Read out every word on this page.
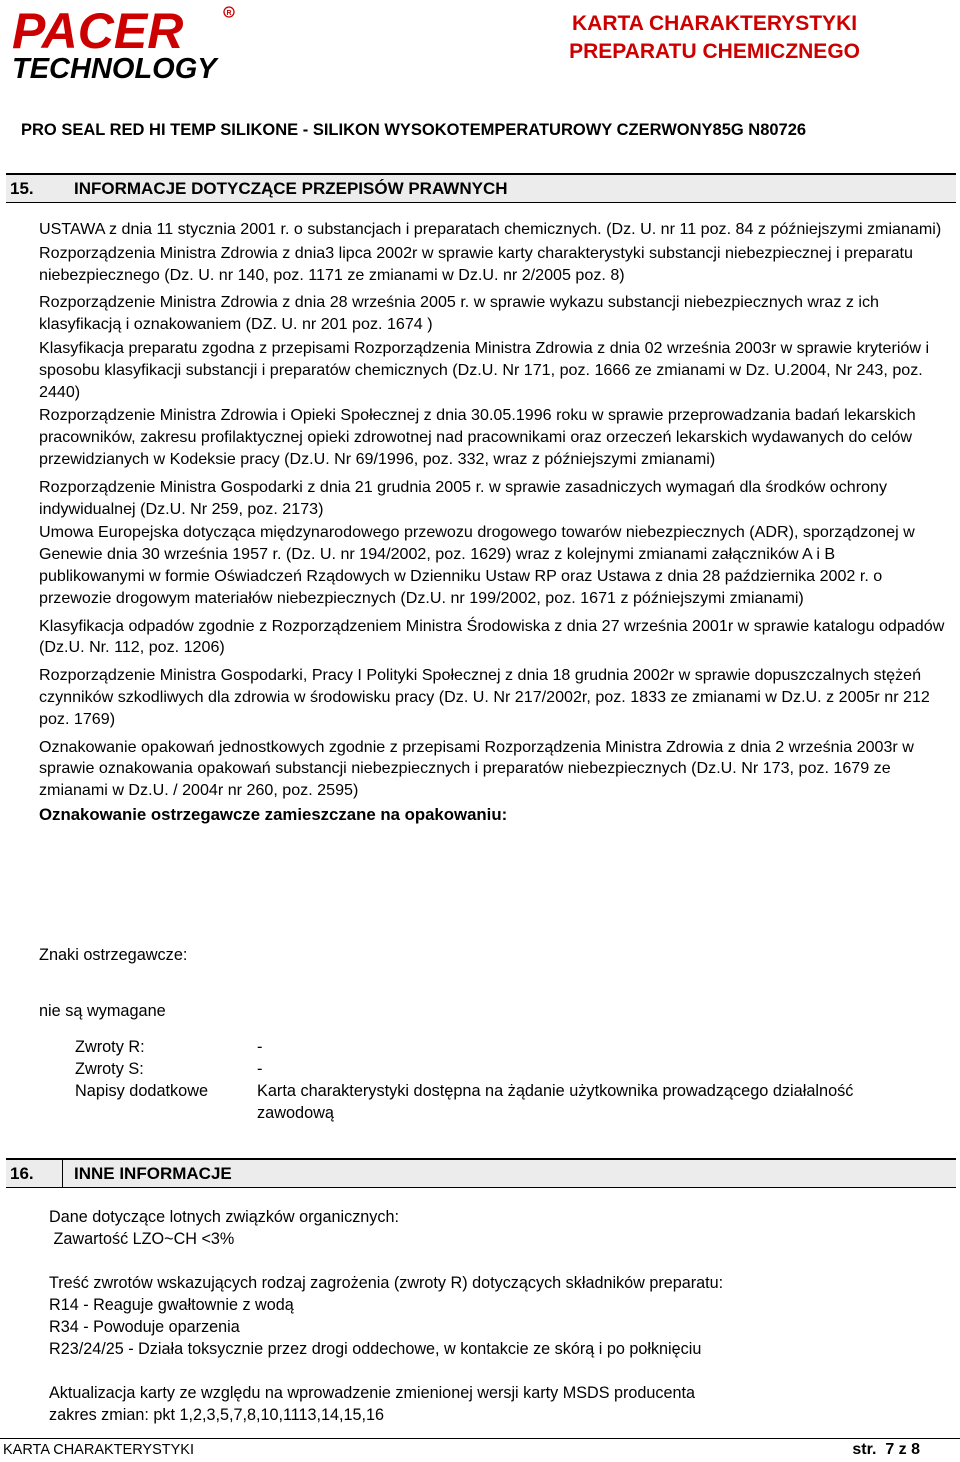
PACER	R
TECHNOLOGY
KARTA CHARAKTERYSTYKI
PREPARATU CHEMICZNEGO
PRO SEAL RED HI TEMP SILIKONE - SILIKON WYSOKOTEMPERATUROWY CZERWONY85G N80726
15. INFORMACJE DOTYCZĄCE PRZEPISÓW PRAWNYCH

USTAWA z dnia 11 stycznia 2001 r. o substancjach i preparatach chemicznych. (Dz. U. nr 11 poz. 84 z późniejszymi zmianami)

Rozporządzenia Ministra Zdrowia z dnia3 lipca 2002r w sprawie karty charakterystyki substancji niebezpiecznej i preparatu niebezpiecznego (Dz. U. nr 140, poz. 1171 ze zmianami w Dz.U. nr 2/2005 poz. 8)

Rozporządzenie Ministra Zdrowia z dnia 28 września 2005 r. w sprawie wykazu substancji niebezpiecznych wraz z ich klasyfikacją i oznakowaniem (DZ. U. nr 201 poz. 1674 )

Klasyfikacja preparatu zgodna z przepisami Rozporządzenia Ministra Zdrowia z dnia 02 września 2003r w sprawie kryteriów i sposobu klasyfikacji substancji i preparatów chemicznych (Dz.U. Nr 171, poz. 1666 ze zmianami w Dz. U.2004, Nr 243, poz. 2440)

Rozporządzenie Ministra Zdrowia i Opieki Społecznej z dnia 30.05.1996 roku w sprawie przeprowadzania badań lekarskich pracowników, zakresu profilaktycznej opieki zdrowotnej nad pracownikami oraz orzeczeń lekarskich wydawanych do celów przewidzianych w Kodeksie pracy (Dz.U. Nr 69/1996, poz. 332, wraz z późniejszymi zmianami)

Rozporządzenie Ministra Gospodarki z dnia 21 grudnia 2005 r. w sprawie zasadniczych wymagań dla środków ochrony indywidualnej (Dz.U. Nr 259, poz. 2173)

Umowa Europejska dotycząca międzynarodowego przewozu drogowego towarów niebezpiecznych (ADR), sporządzonej w Genewie dnia 30 września 1957 r. (Dz. U. nr 194/2002, poz. 1629) wraz z kolejnymi zmianami załączników A i B publikowanymi w formie Oświadczeń Rządowych w Dzienniku Ustaw RP oraz Ustawa z dnia 28 października 2002 r. o przewozie drogowym materiałów niebezpiecznych (Dz.U. nr 199/2002, poz. 1671 z późniejszymi zmianami)

Klasyfikacja odpadów zgodnie z Rozporządzeniem Ministra Środowiska z dnia 27 września 2001r w sprawie katalogu odpadów (Dz.U. Nr. 112, poz. 1206)

Rozporządzenie Ministra Gospodarki, Pracy I Polityki Społecznej z dnia 18 grudnia 2002r w sprawie dopuszczalnych stężeń czynników szkodliwych dla zdrowia w środowisku pracy (Dz. U. Nr 217/2002r, poz. 1833 ze zmianami w Dz.U. z 2005r nr 212 poz. 1769)

Oznakowanie opakowań jednostkowych zgodnie z przepisami Rozporządzenia Ministra Zdrowia z dnia 2 września 2003r w sprawie oznakowania opakowań substancji niebezpiecznych i preparatów niebezpiecznych (Dz.U. Nr 173, poz. 1679 ze zmianami w Dz.U. / 2004r nr 260, poz. 2595)

Oznakowanie ostrzegawcze zamieszczane na opakowaniu:

Znaki ostrzegawcze:
nie są wymagane
Zwroty R:	-
Zwroty S:	-
Napisy dodatkowe	Karta charakterystyki dostępna na żądanie użytkownika prowadzącego działalność zawodową
16. INNE INFORMACJE
Dane dotyczące lotnych związków organicznych:
Zawartość LZO~CH <3%
Treść zwrotów wskazujących rodzaj zagrożenia (zwroty R) dotyczących składników preparatu:
R14 - Reaguje gwałtownie z wodą
R34 - Powoduje oparzenia
R23/24/25 - Działa toksycznie przez drogi oddechowe, w kontakcie ze skórą i po połknięciu
Aktualizacja karty ze względu na wprowadzenie zmienionej wersji karty MSDS producenta
zakres zmian: pkt 1,2,3,5,7,8,10,1113,14,15,16
KARTA CHARAKTERYSTYKI	str.  7 z 8
